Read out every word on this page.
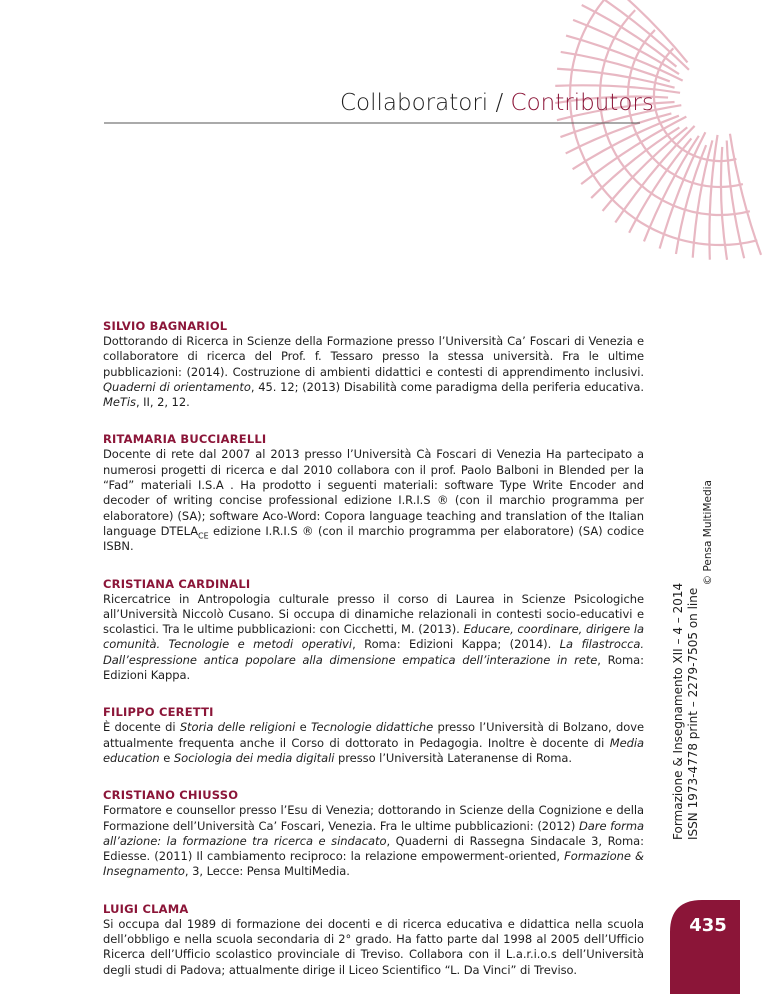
Collaboratori / Contributors
SILVIO BAGNARIOL
Dottorando di Ricerca in Scienze della Formazione presso l’Università Ca’ Foscari di Venezia e collaboratore di ricerca del Prof. f. Tessaro presso la stessa università. Fra le ultime pubblicazioni: (2014). Costruzione di ambienti didattici e contesti di apprendimento inclusivi. Quaderni di orientamento, 45. 12; (2013) Disabilità come paradigma della periferia educativa. MeTis, II, 2, 12.
RITAMARIA BUCCIARELLI
Docente di rete dal 2007 al 2013 presso l’Università Cà Foscari di Venezia Ha partecipato a numerosi progetti di ricerca e dal 2010 collabora con il prof. Paolo Balboni in Blended per la “Fad” materiali I.S.A . Ha prodotto i seguenti materiali: software Type Write Encoder and decoder of writing concise professional edizione I.R.I.S ® (con il marchio programma per elaboratore) (SA); software Aco-Word: Copora language teaching and translation of the Italian language $DTELA_{CE}$ edizione I.R.I.S ® (con il marchio programma per elaboratore) (SA) codice ISBN.
CRISTIANA CARDINALI
Ricercatrice in Antropologia culturale presso il corso di Laurea in Scienze Psicologiche all’Università Niccolò Cusano. Si occupa di dinamiche relazionali in contesti socio-educativi e scolastici. Tra le ultime pubblicazioni: con Cicchetti, M. (2013). Educare, coordinare, dirigere la comunità. Tecnologie e metodi operativi, Roma: Edizioni Kappa; (2014). La filastrocca. Dall’espressione antica popolare alla dimensione empatica dell’interazione in rete, Roma: Edizioni Kappa.
FILIPPO CERETTI
È docente di Storia delle religioni e Tecnologie didattiche presso l’Università di Bolzano, dove attualmente frequenta anche il Corso di dottorato in Pedagogia. Inoltre è docente di Media education e Sociologia dei media digitali presso l’Università Lateranense di Roma.
CRISTIANO CHIUSSO
Formatore e counsellor presso l’Esu di Venezia; dottorando in Scienze della Cognizione e della Formazione dell’Università Ca’ Foscari, Venezia. Fra le ultime pubblicazioni: (2012) Dare forma all’azione: la formazione tra ricerca e sindacato, Quaderni di Rassegna Sindacale 3, Roma: Ediesse. (2011) Il cambiamento reciproco: la relazione empowerment-oriented, Formazione & Insegnamento, 3, Lecce: Pensa MultiMedia.
LUIGI CLAMA
Si occupa dal 1989 di formazione dei docenti e di ricerca educativa e didattica nella scuola dell’obbligo e nella scuola secondaria di 2° grado. Ha fatto parte dal 1998 al 2005 dell’Ufficio Ricerca dell’Ufficio scolastico provinciale di Treviso. Collabora con il L.a.r.i.o.s dell’Università degli studi di Padova; attualmente dirige il Liceo Scientifico “L. Da Vinci” di Treviso.
Formazione & Insegnamento XII – 4 – 2014 ISSN 1973-4778 print – 2279-7505 on line
© Pensa MultiMedia
435
